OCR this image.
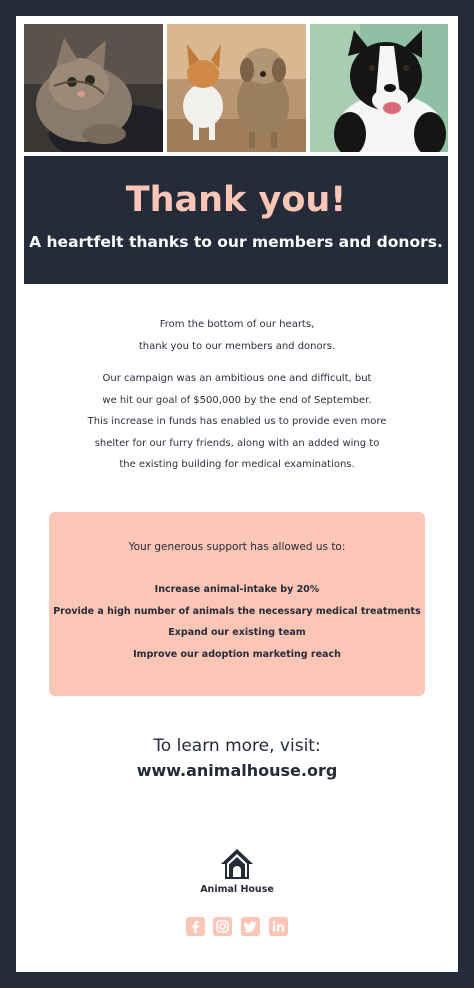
Thank you!
A heartfelt thanks to our members and donors.
From the bottom of our hearts,
thank you to our members and donors.
Our campaign was an ambitious one and difficult, but
we hit our goal of $500,000 by the end of September.
This increase in funds has enabled us to provide even more
shelter for our furry friends, along with an added wing to
the existing building for medical examinations.
Your generous support has allowed us to:
Increase animal-intake by 20%
Provide a high number of animals the necessary medical treatments
Expand our existing team
Improve our adoption marketing reach
To learn more, visit:
www.animalhouse.org
Animal House
